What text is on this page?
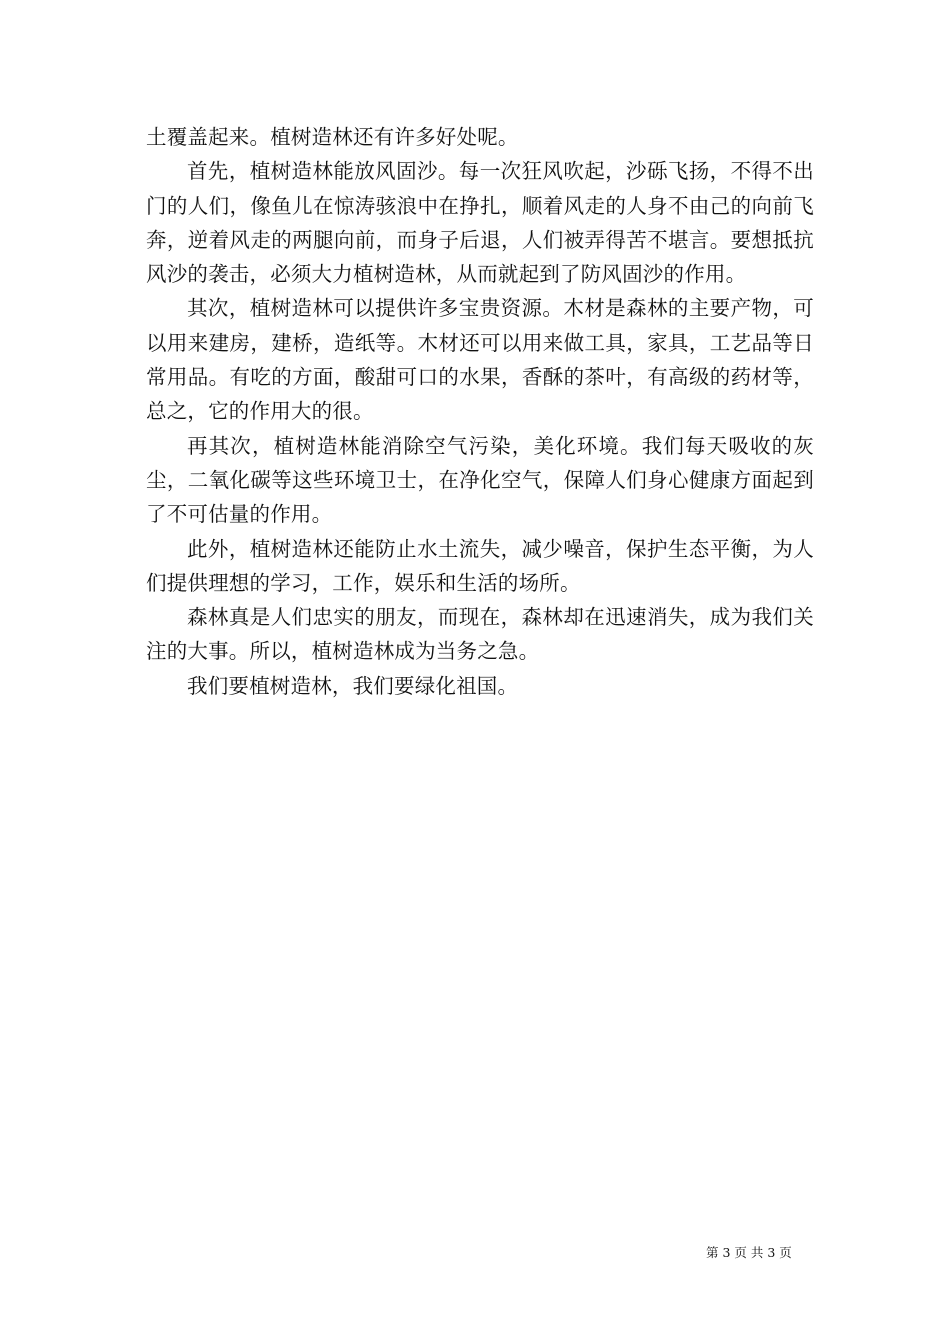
土覆盖起来。植树造林还有许多好处呢。

首先，植树造林能放风固沙。每一次狂风吹起，沙砾飞扬，不得不出门的人们，像鱼儿在惊涛骇浪中在挣扎，顺着风走的人身不由己的向前飞奔，逆着风走的两腿向前，而身子后退，人们被弄得苦不堪言。要想抵抗风沙的袭击，必须大力植树造林，从而就起到了防风固沙的作用。

其次，植树造林可以提供许多宝贵资源。木材是森林的主要产物，可以用来建房，建桥，造纸等。木材还可以用来做工具，家具，工艺品等日常用品。有吃的方面，酸甜可口的水果，香酥的茶叶，有高级的药材等，总之，它的作用大的很。

再其次，植树造林能消除空气污染，美化环境。我们每天吸收的灰尘，二氧化碳等这些环境卫士，在净化空气，保障人们身心健康方面起到了不可估量的作用。

此外，植树造林还能防止水土流失，减少噪音，保护生态平衡，为人们提供理想的学习，工作，娱乐和生活的场所。

森林真是人们忠实的朋友，而现在，森林却在迅速消失，成为我们关注的大事。所以，植树造林成为当务之急。

我们要植树造林，我们要绿化祖国。

第 3 页 共 3 页
